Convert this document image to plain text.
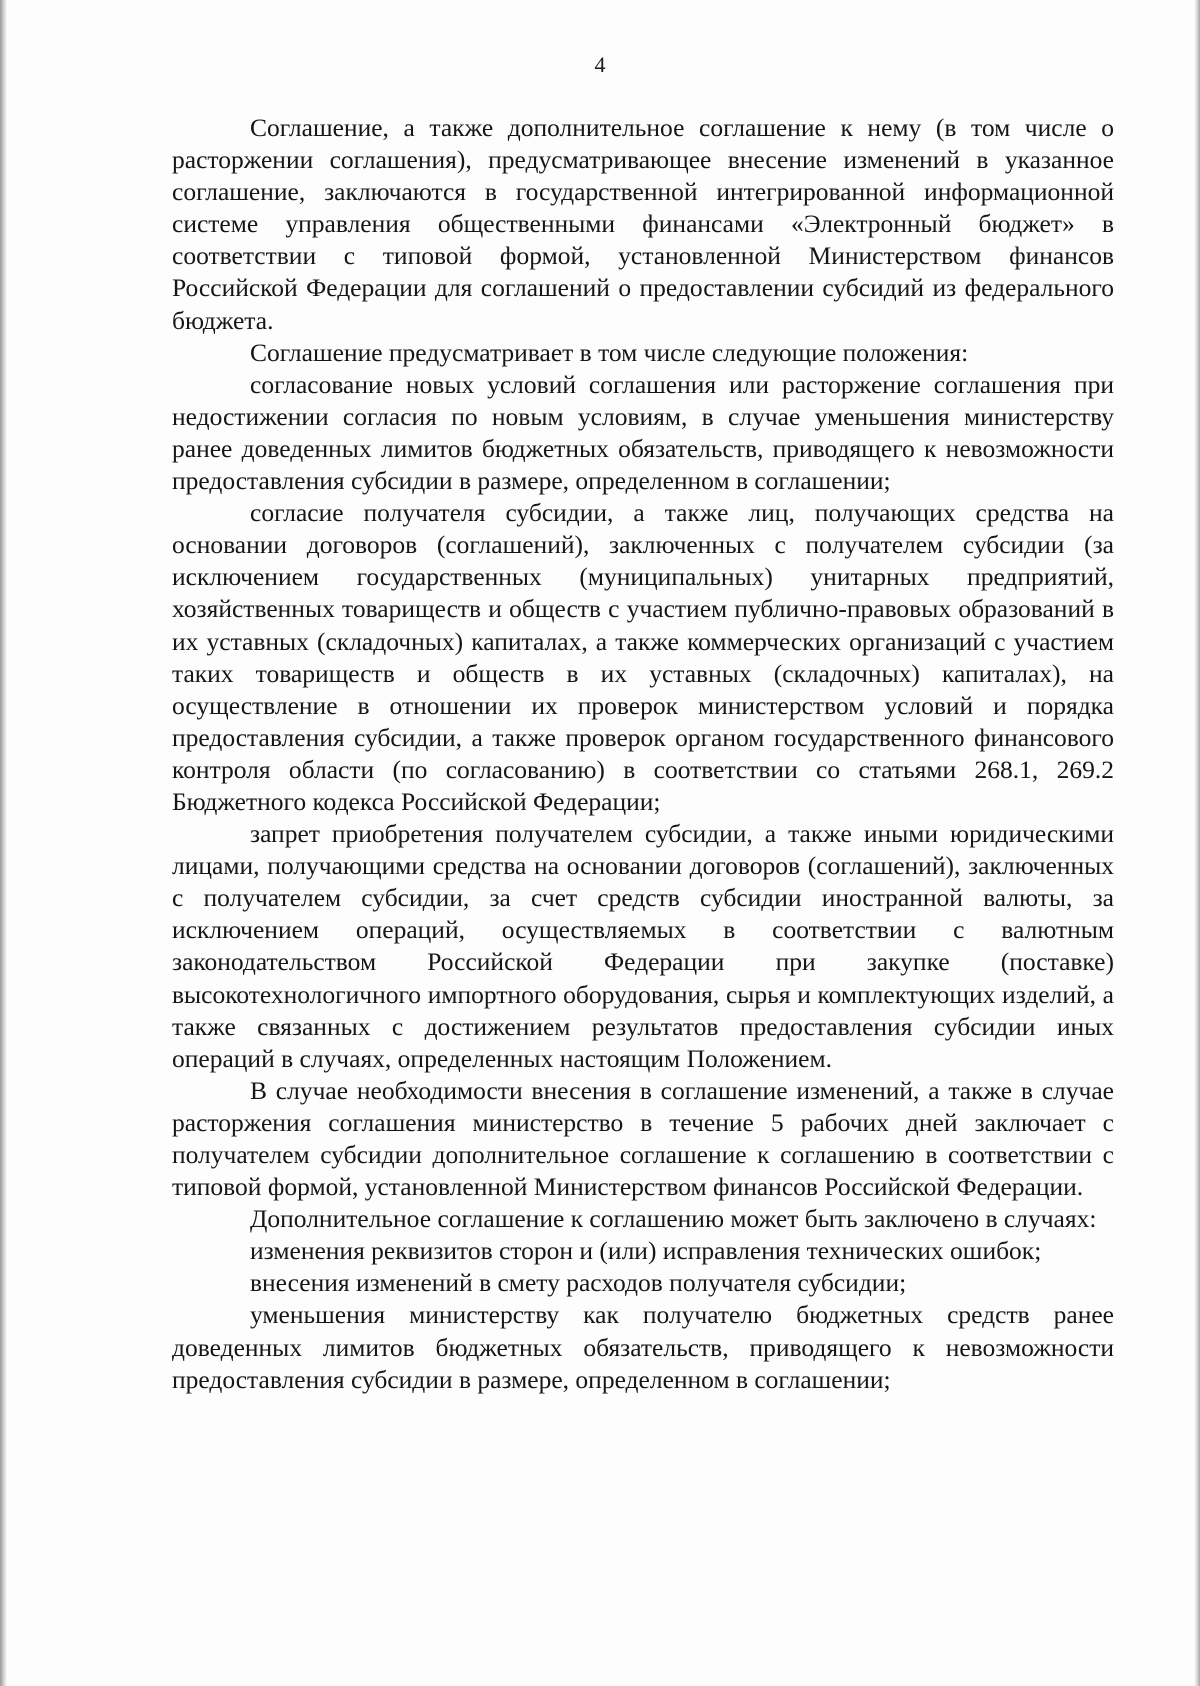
4

Соглашение, а также дополнительное соглашение к нему (в том числе о расторжении соглашения), предусматривающее внесение изменений в указанное соглашение, заключаются в государственной интегрированной информационной системе управления общественными финансами «Электронный бюджет» в соответствии с типовой формой, установленной Министерством финансов Российской Федерации для соглашений о предоставлении субсидий из федерального бюджета.

Соглашение предусматривает в том числе следующие положения:

согласование новых условий соглашения или расторжение соглашения при недостижении согласия по новым условиям, в случае уменьшения министерству ранее доведенных лимитов бюджетных обязательств, приводящего к невозможности предоставления субсидии в размере, определенном в соглашении;

согласие получателя субсидии, а также лиц, получающих средства на основании договоров (соглашений), заключенных с получателем субсидии (за исключением государственных (муниципальных) унитарных предприятий, хозяйственных товариществ и обществ с участием публично-правовых образований в их уставных (складочных) капиталах, а также коммерческих организаций с участием таких товариществ и обществ в их уставных (складочных) капиталах), на осуществление в отношении их проверок министерством условий и порядка предоставления субсидии, а также проверок органом государственного финансового контроля области (по согласованию) в соответствии со статьями 268.1, 269.2 Бюджетного кодекса Российской Федерации;

запрет приобретения получателем субсидии, а также иными юридическими лицами, получающими средства на основании договоров (соглашений), заключенных с получателем субсидии, за счет средств субсидии иностранной валюты, за исключением операций, осуществляемых в соответствии с валютным законодательством Российской Федерации при закупке (поставке) высокотехнологичного импортного оборудования, сырья и комплектующих изделий, а также связанных с достижением результатов предоставления субсидии иных операций в случаях, определенных настоящим Положением.

В случае необходимости внесения в соглашение изменений, а также в случае расторжения соглашения министерство в течение 5 рабочих дней заключает с получателем субсидии дополнительное соглашение к соглашению в соответствии с типовой формой, установленной Министерством финансов Российской Федерации.

Дополнительное соглашение к соглашению может быть заключено в случаях:

изменения реквизитов сторон и (или) исправления технических ошибок;

внесения изменений в смету расходов получателя субсидии;

уменьшения министерству как получателю бюджетных средств ранее доведенных лимитов бюджетных обязательств, приводящего к невозможности предоставления субсидии в размере, определенном в соглашении;
